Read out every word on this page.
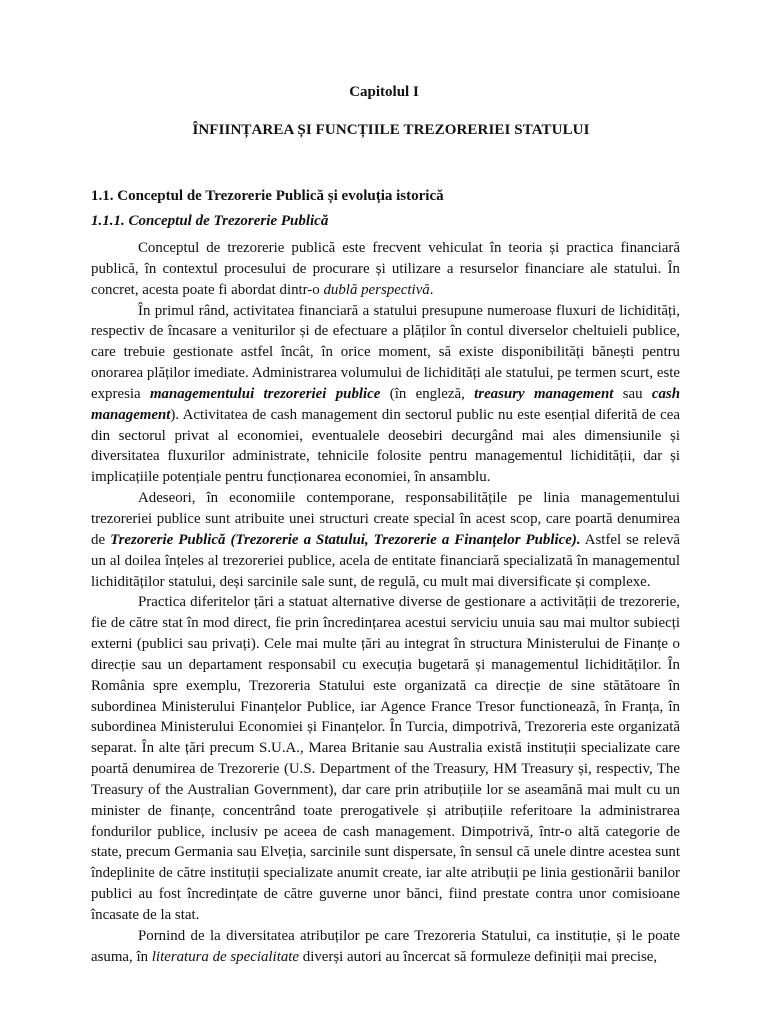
Capitolul I
ÎNFIINȚAREA ȘI FUNCȚIILE TREZORERIEI STATULUI
1.1. Conceptul de Trezorerie Publică și evoluția istorică
1.1.1. Conceptul de Trezorerie Publică

Conceptul de trezorerie publică este frecvent vehiculat în teoria și practica financiară publică, în contextul procesului de procurare și utilizare a resurselor financiare ale statului. În concret, acesta poate fi abordat dintr-o dublă perspectivă.

În primul rând, activitatea financiară a statului presupune numeroase fluxuri de lichidități, respectiv de încasare a veniturilor și de efectuare a plăților în contul diverselor cheltuieli publice, care trebuie gestionate astfel încât, în orice moment, să existe disponibilități bănești pentru onorarea plăților imediate. Administrarea volumului de lichidități ale statului, pe termen scurt, este expresia managementului trezoreriei publice (în engleză, treasury management sau cash management). Activitatea de cash management din sectorul public nu este esențial diferită de cea din sectorul privat al economiei, eventualele deosebiri decurgând mai ales dimensiunile și diversitatea fluxurilor administrate, tehnicile folosite pentru managementul lichidității, dar și implicațiile potențiale pentru funcționarea economiei, în ansamblu.

Adeseori, în economiile contemporane, responsabilitățile pe linia managementului trezoreriei publice sunt atribuite unei structuri create special în acest scop, care poartă denumirea de Trezorerie Publică (Trezorerie a Statului, Trezorerie a Finanțelor Publice). Astfel se relevă un al doilea înțeles al trezoreriei publice, acela de entitate financiară specializată în managementul lichidităților statului, deși sarcinile sale sunt, de regulă, cu mult mai diversificate și complexe.

Practica diferitelor țări a statuat alternative diverse de gestionare a activității de trezorerie, fie de către stat în mod direct, fie prin încredințarea acestui serviciu unuia sau mai multor subiecți externi (publici sau privați). Cele mai multe țări au integrat în structura Ministerului de Finanțe o direcție sau un departament responsabil cu execuția bugetară și managementul lichidităților. În România spre exemplu, Trezoreria Statului este organizată ca direcție de sine stătătoare în subordinea Ministerului Finanțelor Publice, iar Agence France Tresor functionează, în Franța, în subordinea Ministerului Economiei și Finanțelor. În Turcia, dimpotrivă, Trezoreria este organizată separat. În alte țări precum S.U.A., Marea Britanie sau Australia există instituții specializate care poartă denumirea de Trezorerie (U.S. Department of the Treasury, HM Treasury și, respectiv, The Treasury of the Australian Government), dar care prin atribuțiile lor se aseamănă mai mult cu un minister de finanțe, concentrând toate prerogativele și atribuțiile referitoare la administrarea fondurilor publice, inclusiv pe aceea de cash management. Dimpotrivă, într-o altă categorie de state, precum Germania sau Elveția, sarcinile sunt dispersate, în sensul că unele dintre acestea sunt îndeplinite de către instituții specializate anumit create, iar alte atribuții pe linia gestionării banilor publici au fost încredințate de către guverne unor bănci, fiind prestate contra unor comisioane încasate de la stat.

Pornind de la diversitatea atribuților pe care Trezoreria Statului, ca instituție, și le poate asuma, în literatura de specialitate diverși autori au încercat să formuleze definiții mai precise,
